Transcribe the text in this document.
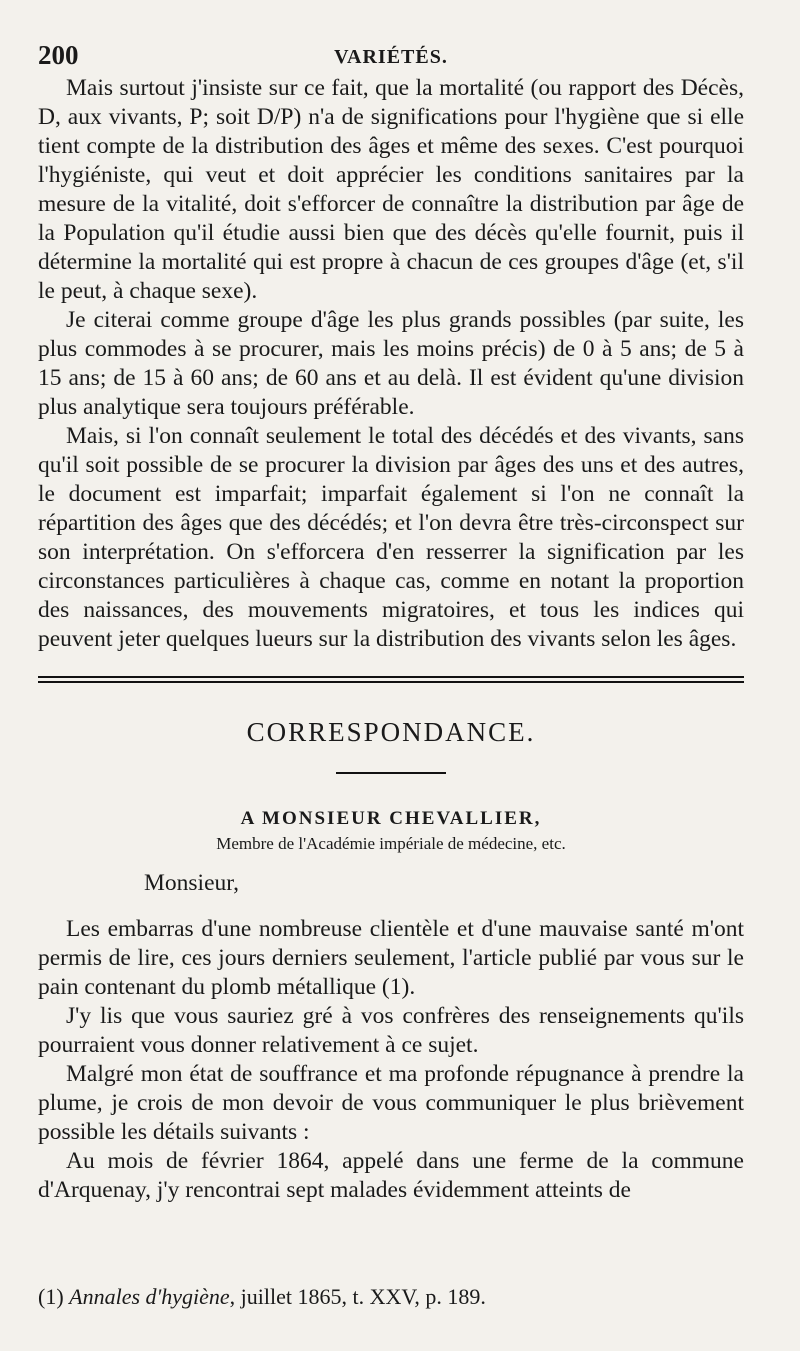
200	VARIÉTÉS.

Mais surtout j'insiste sur ce fait, que la mortalité (ou rapport des Décès, D, aux vivants, P; soit D/P) n'a de significations pour l'hygiène que si elle tient compte de la distribution des âges et même des sexes. C'est pourquoi l'hygiéniste, qui veut et doit apprécier les conditions sanitaires par la mesure de la vitalité, doit s'efforcer de connaître la distribution par âge de la Population qu'il étudie aussi bien que des décès qu'elle fournit, puis il détermine la mortalité qui est propre à chacun de ces groupes d'âge (et, s'il le peut, à chaque sexe).

Je citerai comme groupe d'âge les plus grands possibles (par suite, les plus commodes à se procurer, mais les moins précis) de 0 à 5 ans; de 5 à 15 ans; de 15 à 60 ans; de 60 ans et au delà. Il est évident qu'une division plus analytique sera toujours préférable.

Mais, si l'on connaît seulement le total des décédés et des vivants, sans qu'il soit possible de se procurer la division par âges des uns et des autres, le document est imparfait; imparfait également si l'on ne connaît la répartition des âges que des décédés; et l'on devra être très-circonspect sur son interprétation. On s'efforcera d'en resserrer la signification par les circonstances particulières à chaque cas, comme en notant la proportion des naissances, des mouvements migratoires, et tous les indices qui peuvent jeter quelques lueurs sur la distribution des vivants selon les âges.

CORRESPONDANCE.
A MONSIEUR CHEVALLIER,
Membre de l'Académie impériale de médecine, etc.
Monsieur,

Les embarras d'une nombreuse clientèle et d'une mauvaise santé m'ont permis de lire, ces jours derniers seulement, l'article publié par vous sur le pain contenant du plomb métallique (1).

J'y lis que vous sauriez gré à vos confrères des renseignements qu'ils pourraient vous donner relativement à ce sujet.

Malgré mon état de souffrance et ma profonde répugnance à prendre la plume, je crois de mon devoir de vous communiquer le plus brièvement possible les détails suivants :

Au mois de février 1864, appelé dans une ferme de la commune d'Arquenay, j'y rencontrai sept malades évidemment atteints de

(1) Annales d'hygiène, juillet 1865, t. XXV, p. 189.
